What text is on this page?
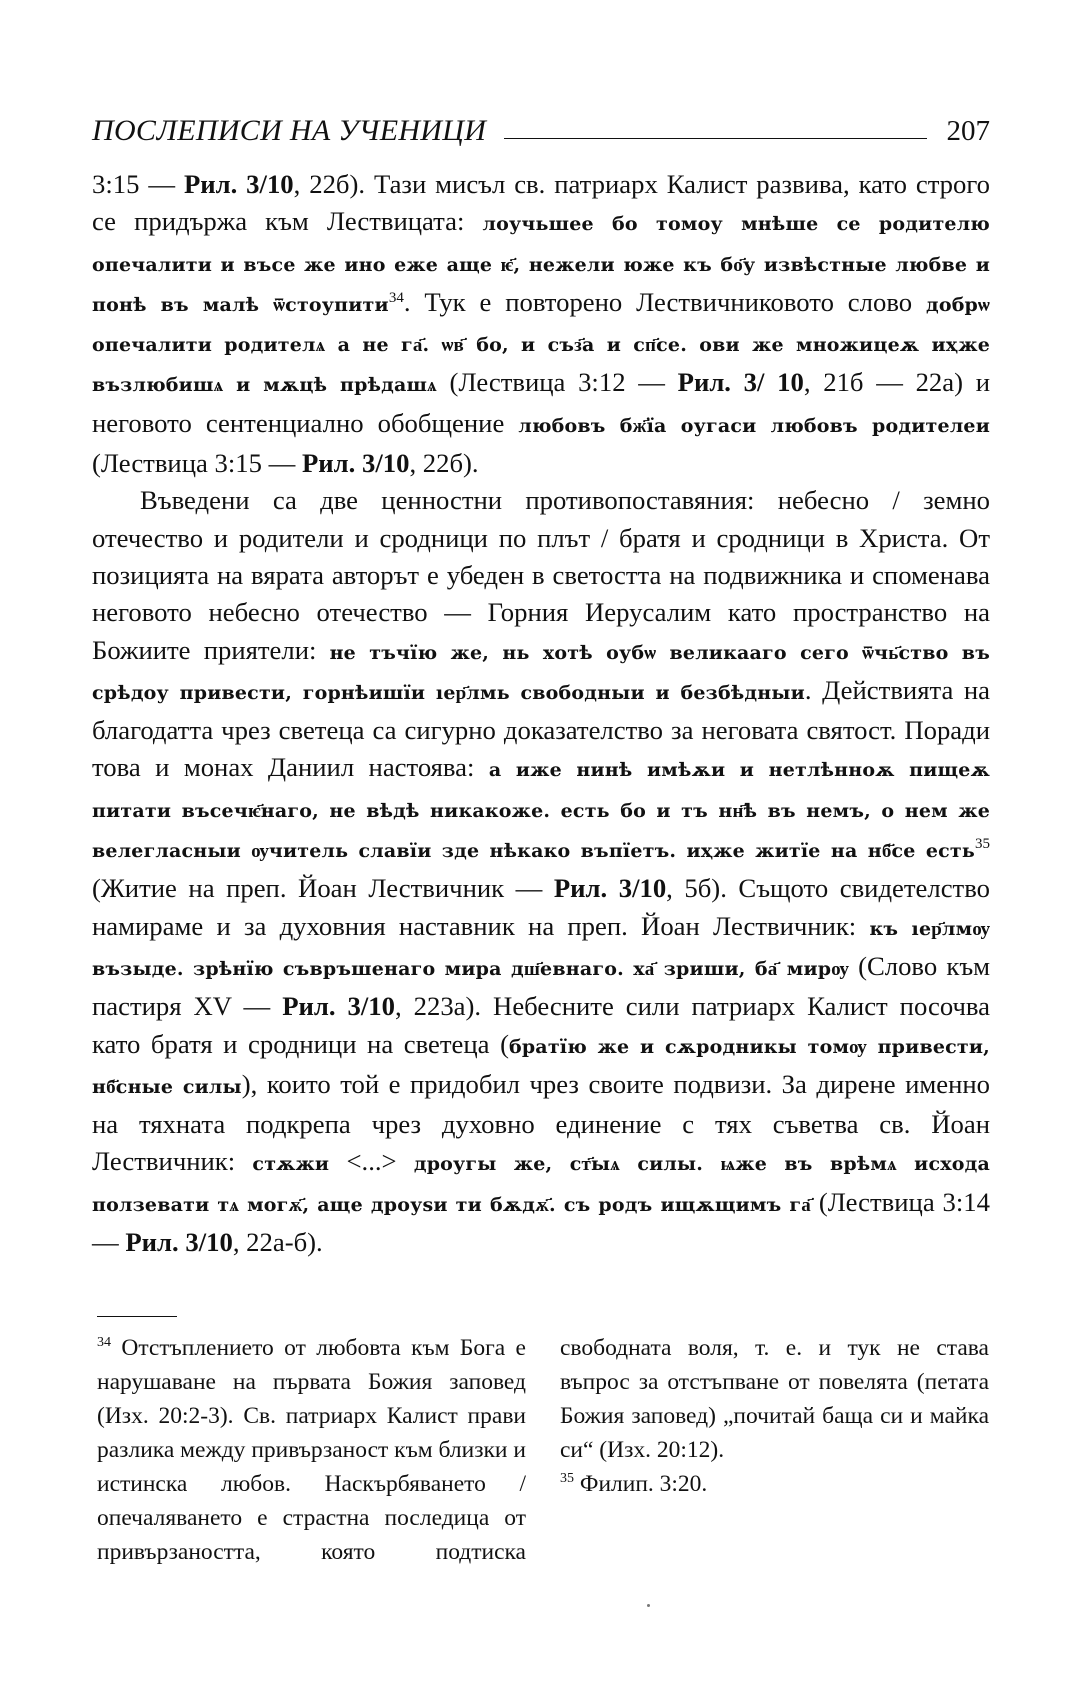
ПОСЛЕПИСИ НА УЧЕНИЦИ	207

3:15 — Рил. 3/10, 22б). Тази мисъл св. патриарх Калист развива, като строго се придържа към Лествицата: лоучьшее бо томоу мнѣше се родителю опечалити и въсе же ино еже аще ѥ҃, нежели юже къ бо҃у извѣстные любве и понѣ въ малѣ ѿстоупити$^{34}$. Тук е повторено Лествичниковото слово добрѡ опечалити родителѧ а не га҃. ѡв҃ бо, и съз҃а и сп҃се. ови же множицеѫ иҳже възлюбишѧ и мѫцѣ прѣдашѧ (Лествица 3:12 — Рил. 3/ 10, 21б — 22а) и неговото сентенциално обобщение любовъ бж҃їа оугаси любовъ родителеи (Лествица 3:15 — Рил. 3/10, 22б).

Въведени са две ценностни противопоставяния: небесно / земно отечество и родители и сродници по плът / братя и сродници в Христа. От позицията на вярата авторът е убеден в светостта на подвижника и споменава неговото небесно отечество — Горния Иерусалим като пространство на Божиите приятели: не тъчїю же, нь хотѣ оубѡ великааго сего ѿчь҃ство въ срѣдоу привести, горнѣишїи ıер҃лмь свободныи и безбѣдныи. Действията на благодатта чрез светеца са сигурно доказателство за неговата святост. Поради това и монах Даниил настоява: а иже нинѣ имѣѫи и нетлѣнноѫ пищеѫ питати въсечѥ҃наго, не вѣдѣ никакоже. есть бо и тъ нн҃ѣ въ немъ, о нем же велегласныи ѹчитель славїи зде нѣкако въпїетъ. иҳже житїе на нб҃се есть$^{35}$ (Житие на преп. Йоан Лествичник — Рил. 3/10, 5б). Същото свидетелство намираме и за духовния наставник на преп. Йоан Лествичник: къ ıер҃лмѹ възыде. зрѣнїю съвръшенаго мира дш҃евнаго. ха҃ зриши, ба҃ мирѹ (Слово към пастиря XV — Рил. 3/10, 223а). Небесните сили патриарх Калист посочва като братя и сродници на светеца (братїю же и сѫродникы томѹ привести, нб҃сные силы), които той е придобил чрез своите подвизи. За дирене именно на тяхната подкрепа чрез духовно единение с тях съветва св. Йоан Лествичник: стѫжи <...> дроугы же, ст҃ыѧ силы. ѩже въ врѣмѧ исхода ползевати тѧ могѫ҃, аще дроуѕи ти бѫдѫ҃. съ родъ ищѫщимъ га҃ (Лествица 3:14 — Рил. 3/10, 22а-б).

$^{34}$ Отстъплението от любовта към Бога е нарушаване на първата Божия заповед (Изх. 20:2-3). Св. патриарх Калист прави разлика между привързаност към близки и истинска любов. Наскърбяването / опечаляването е страстна последица от привързаността, която подтиска свободната воля, т. е. и тук не става въпрос за отстъпване от повелята (петата Божия заповед) „почитай баща си и майка си“ (Изх. 20:12).

$^{35}$ Филип. 3:20.
